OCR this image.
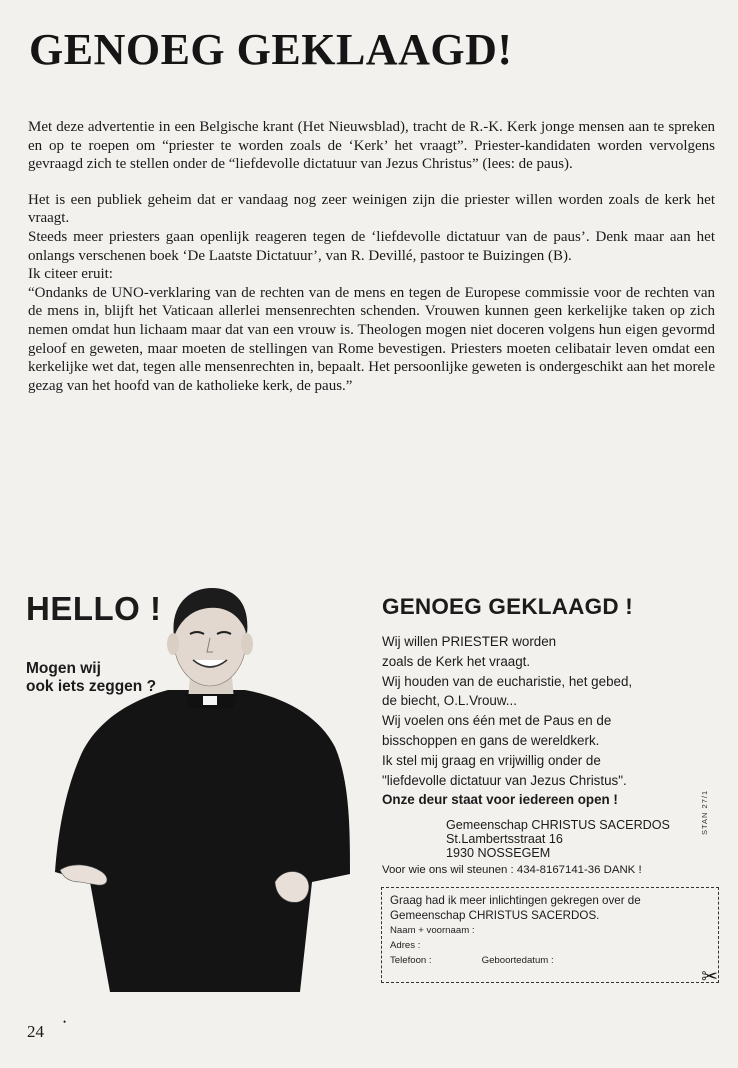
GENOEG GEKLAAGD!

Met deze advertentie in een Belgische krant (Het Nieuwsblad), tracht de R.-K. Kerk jonge mensen aan te spreken en op te roepen om “priester te worden zoals de ‘Kerk’ het vraagt”. Priester-kandidaten worden vervolgens gevraagd zich te stellen onder de “liefdevolle dictatuur van Jezus Christus” (lees: de paus).

Het is een publiek geheim dat er vandaag nog zeer weinigen zijn die priester willen worden zoals de kerk het vraagt.

Steeds meer priesters gaan openlijk reageren tegen de ‘liefdevolle dictatuur van de paus’. Denk maar aan het onlangs verschenen boek ‘De Laatste Dictatuur’, van R. Devillé, pastoor te Buizingen (B).

Ik citeer eruit:

“Ondanks de UNO-verklaring van de rechten van de mens en tegen de Europese commissie voor de rechten van de mens in, blijft het Vaticaan allerlei mensenrechten schenden. Vrouwen kunnen geen kerkelijke taken op zich nemen omdat hun lichaam maar dat van een vrouw is. Theologen mogen niet doceren volgens hun eigen gevormd geloof en geweten, maar moeten de stellingen van Rome bevestigen. Priesters moeten celibatair leven omdat een kerkelijke wet dat, tegen alle mensenrechten in, bepaalt. Het persoonlijke geweten is ondergeschikt aan het morele gezag van het hoofd van de katholieke kerk, de paus.”

HELLO !
Mogen wij
ook iets zeggen ?
GENOEG GEKLAAGD !
Wij willen PRIESTER worden
zoals de Kerk het vraagt.
Wij houden van de eucharistie, het gebed,
de biecht, O.L.Vrouw...
Wij voelen ons één met de Paus en de
bisschoppen en gans de wereldkerk.
Ik stel mij graag en vrijwillig onder de
"liefdevolle dictatuur van Jezus Christus".
Onze deur staat voor iedereen open !
Gemeenschap CHRISTUS SACERDOS
St.Lambertsstraat 16
1930 NOSSEGEM
Voor wie ons wil steunen : 434-8167141-36 DANK !
STAN 27/1
Graag had ik meer inlichtingen gekregen over de
Gemeenschap CHRISTUS SACERDOS.
Naam + voornaam :
Adres :
Telefoon :	Geboortedatum :
✂
24 •
